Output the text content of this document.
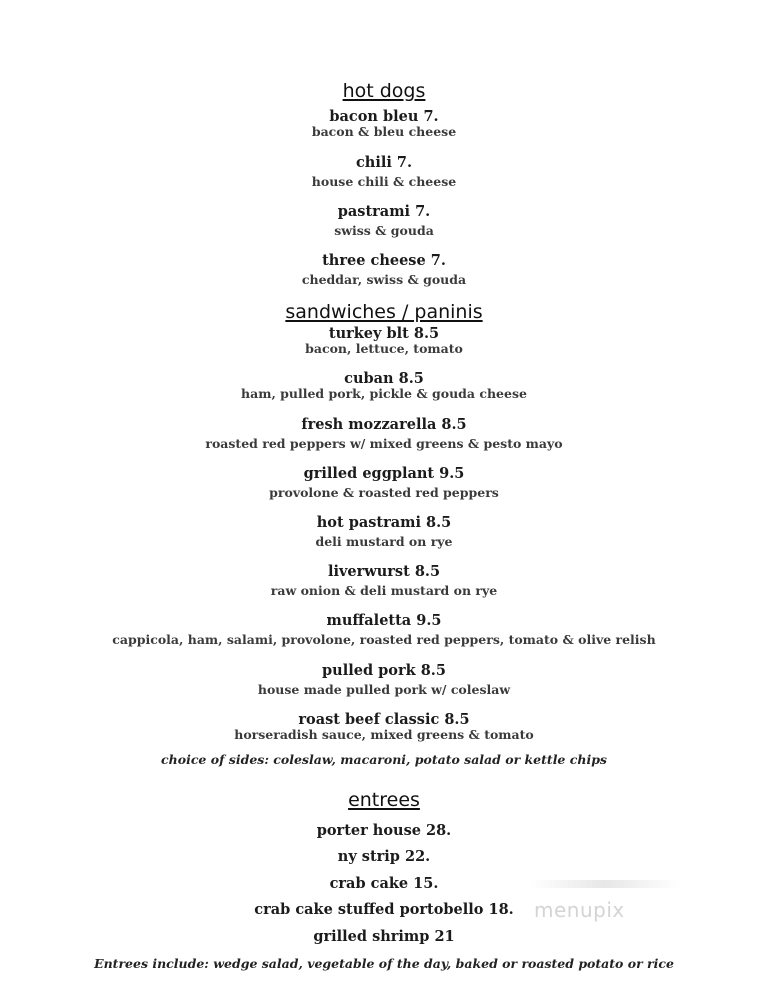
hot dogs
bacon bleu 7.
bacon & bleu cheese
chili 7.
house chili & cheese
pastrami 7.
swiss & gouda
three cheese 7.
cheddar, swiss & gouda
sandwiches / paninis
turkey blt 8.5
bacon, lettuce, tomato
cuban 8.5
ham, pulled pork, pickle & gouda cheese
fresh mozzarella 8.5
roasted red peppers w/ mixed greens & pesto mayo
grilled eggplant 9.5
provolone & roasted red peppers
hot pastrami 8.5
deli mustard on rye
liverwurst 8.5
raw onion & deli mustard on rye
muffaletta 9.5
cappicola, ham, salami, provolone, roasted red peppers, tomato & olive relish
pulled pork 8.5
house made pulled pork w/ coleslaw
roast beef classic 8.5
horseradish sauce, mixed greens & tomato
choice of sides: coleslaw, macaroni, potato salad or kettle chips
entrees
porter house 28.
ny strip 22.
crab cake 15.
crab cake stuffed portobello 18.
grilled shrimp 21
Entrees include: wedge salad, vegetable of the day, baked or roasted potato or rice
menupix
